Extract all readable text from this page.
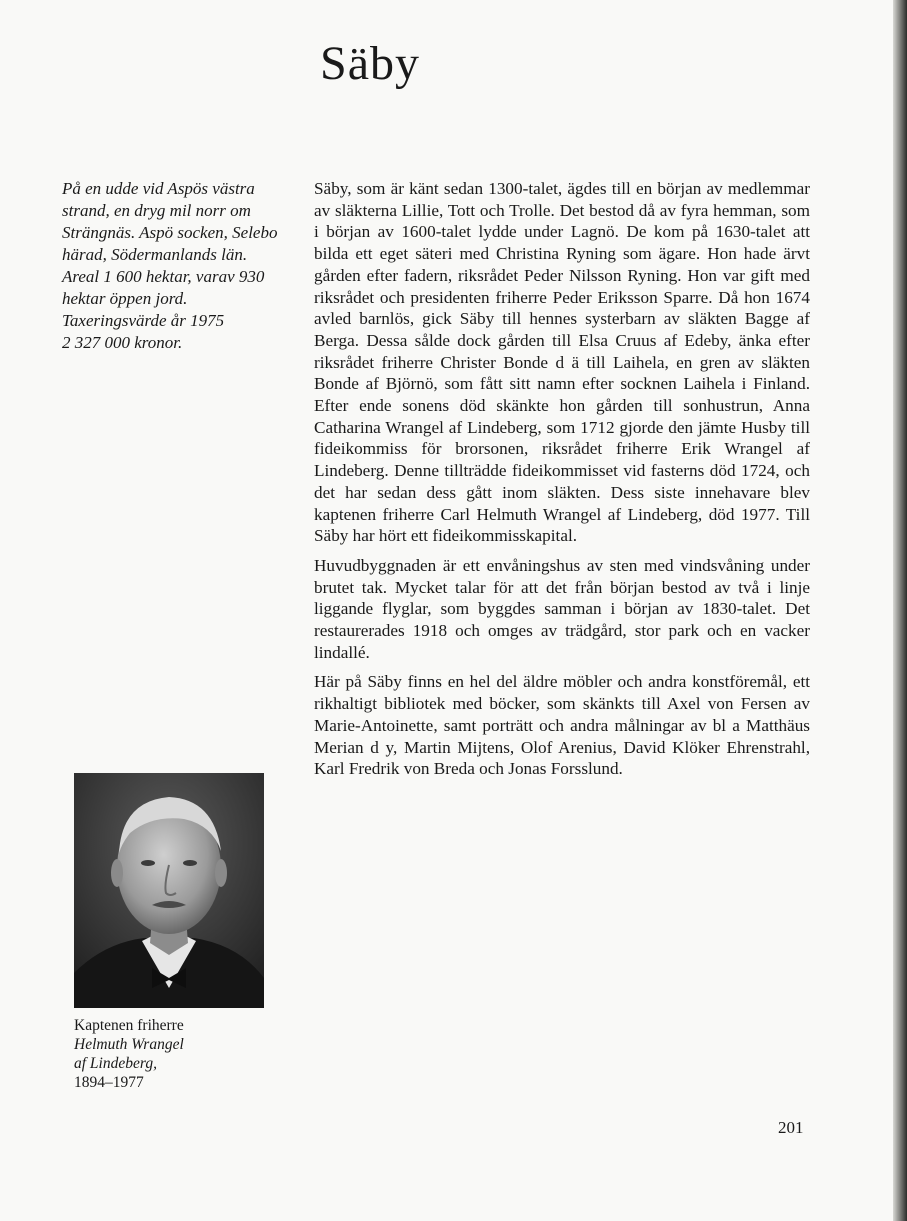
Säby
På en udde vid Aspös västra
strand, en dryg mil norr om
Strängnäs. Aspö socken, Selebo
härad, Södermanlands län.
Areal 1 600 hektar, varav 930
hektar öppen jord.
Taxeringsvärde år 1975
2 327 000 kronor.

Säby, som är känt sedan 1300-talet, ägdes till en början av medlemmar av släkterna Lillie, Tott och Trolle. Det bestod då av fyra hemman, som i början av 1600-talet lydde under Lagnö. De kom på 1630-talet att bilda ett eget säteri med Christina Ryning som ägare. Hon hade ärvt gården efter fadern, riksrådet Peder Nilsson Ryning. Hon var gift med riksrådet och presidenten friherre Peder Eriksson Sparre. Då hon 1674 avled barnlös, gick Säby till hennes systerbarn av släkten Bagge af Berga. Dessa sålde dock gården till Elsa Cruus af Edeby, änka efter riksrådet friherre Christer Bonde d ä till Laihela, en gren av släkten Bonde af Björnö, som fått sitt namn efter socknen Laihela i Finland. Efter ende sonens död skänkte hon gården till sonhustrun, Anna Catharina Wrangel af Lindeberg, som 1712 gjorde den jämte Husby till fideikommiss för brorsonen, riksrådet friherre Erik Wrangel af Lindeberg. Denne tillträdde fideikommisset vid fasterns död 1724, och det har sedan dess gått inom släkten. Dess siste innehavare blev kaptenen friherre Carl Helmuth Wrangel af Lindeberg, död 1977. Till Säby har hört ett fideikommisskapital.

Huvudbyggnaden är ett envåningshus av sten med vindsvåning under brutet tak. Mycket talar för att det från början bestod av två i linje liggande flyglar, som byggdes samman i början av 1830-talet. Det restaurerades 1918 och omges av trädgård, stor park och en vacker lindallé.

Här på Säby finns en hel del äldre möbler och andra konstföremål, ett rikhaltigt bibliotek med böcker, som skänkts till Axel von Fersen av Marie-Antoinette, samt porträtt och andra målningar av bl a Matthäus Merian d y, Martin Mijtens, Olof Arenius, David Klöker Ehrenstrahl, Karl Fredrik von Breda och Jonas Forsslund.

Kaptenen friherre
Helmuth Wrangel
af Lindeberg,
1894–1977
201
